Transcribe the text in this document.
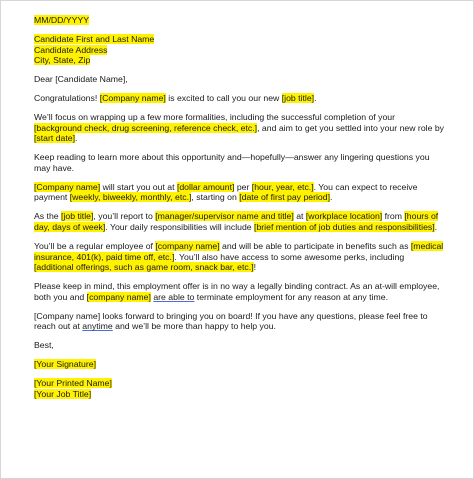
MM/DD/YYYY
Candidate First and Last Name
Candidate Address
City, State, Zip
Dear [Candidate Name],
Congratulations! [Company name] is excited to call you our new [job title].
We’ll focus on wrapping up a few more formalities, including the successful completion of your [background check, drug screening, reference check, etc.], and aim to get you settled into your new role by [start date].
Keep reading to learn more about this opportunity and—hopefully—answer any lingering questions you may have.
[Company name] will start you out at [dollar amount] per [hour, year, etc.]. You can expect to receive payment [weekly, biweekly, monthly, etc.], starting on [date of first pay period].
As the [job title], you’ll report to [manager/supervisor name and title] at [workplace location] from [hours of day, days of week]. Your daily responsibilities will include [brief mention of job duties and responsibilities].
You’ll be a regular employee of [company name] and will be able to participate in benefits such as [medical insurance, 401(k), paid time off, etc.]. You’ll also have access to some awesome perks, including [additional offerings, such as game room, snack bar, etc.]!
Please keep in mind, this employment offer is in no way a legally binding contract. As an at-will employee, both you and [company name] are able to terminate employment for any reason at any time.
[Company name] looks forward to bringing you on board! If you have any questions, please feel free to reach out at anytime and we’ll be more than happy to help you.
Best,
[Your Signature]
[Your Printed Name]
[Your Job Title]
